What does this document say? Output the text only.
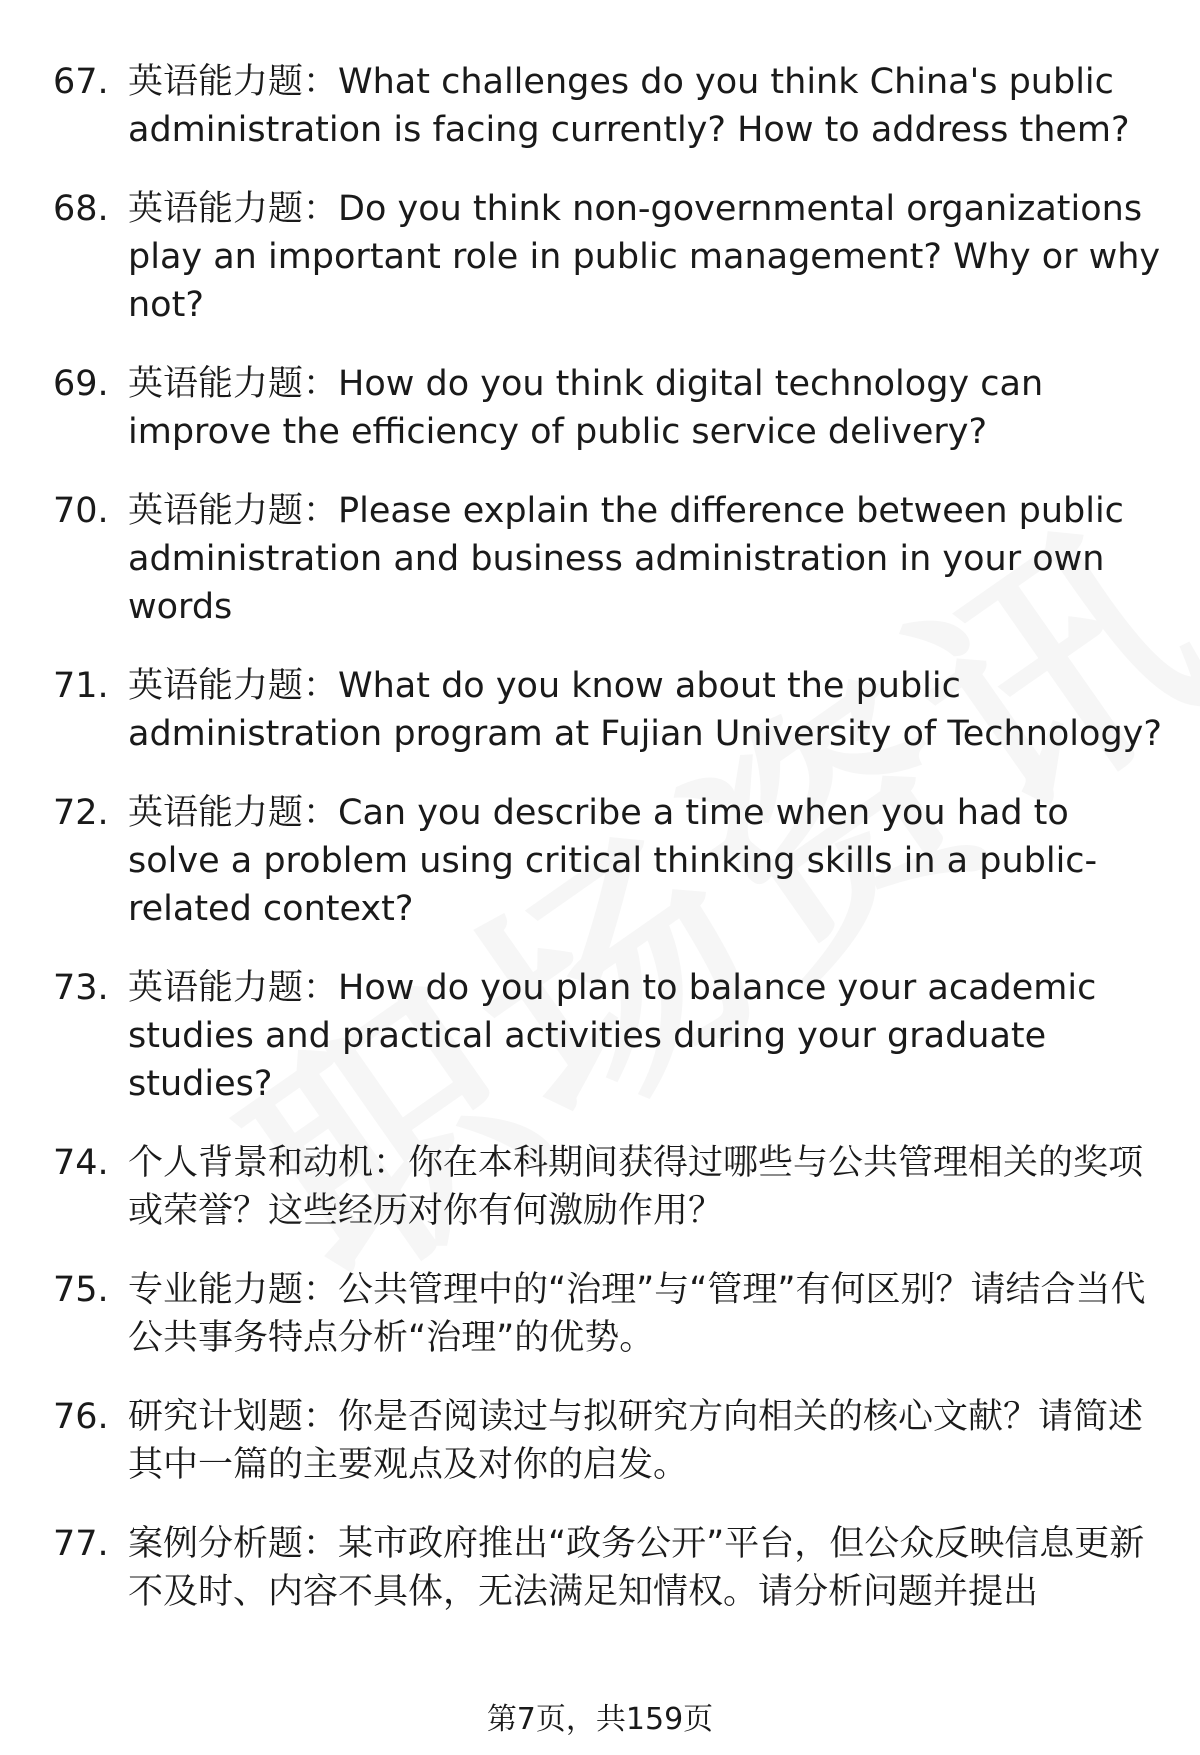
67. 英语能力题：What challenges do you think China's public administration is facing currently? How to address them?
68. 英语能力题：Do you think non-governmental organizations play an important role in public management? Why or why not?
69. 英语能力题：How do you think digital technology can improve the efficiency of public service delivery?
70. 英语能力题：Please explain the difference between public administration and business administration in your own words
71. 英语能力题：What do you know about the public administration program at Fujian University of Technology?
72. 英语能力题：Can you describe a time when you had to solve a problem using critical thinking skills in a public-related context?
73. 英语能力题：How do you plan to balance your academic studies and practical activities during your graduate studies?
74. 个人背景和动机：你在本科期间获得过哪些与公共管理相关的奖项或荣誉？这些经历对你有何激励作用？
75. 专业能力题：公共管理中的“治理”与“管理”有何区别？请结合当代公共事务特点分析“治理”的优势。
76. 研究计划题：你是否阅读过与拟研究方向相关的核心文献？请简述其中一篇的主要观点及对你的启发。
77. 案例分析题：某市政府推出“政务公开”平台，但公众反映信息更新不及时、内容不具体，无法满足知情权。请分析问题并提出
第7页，共159页
